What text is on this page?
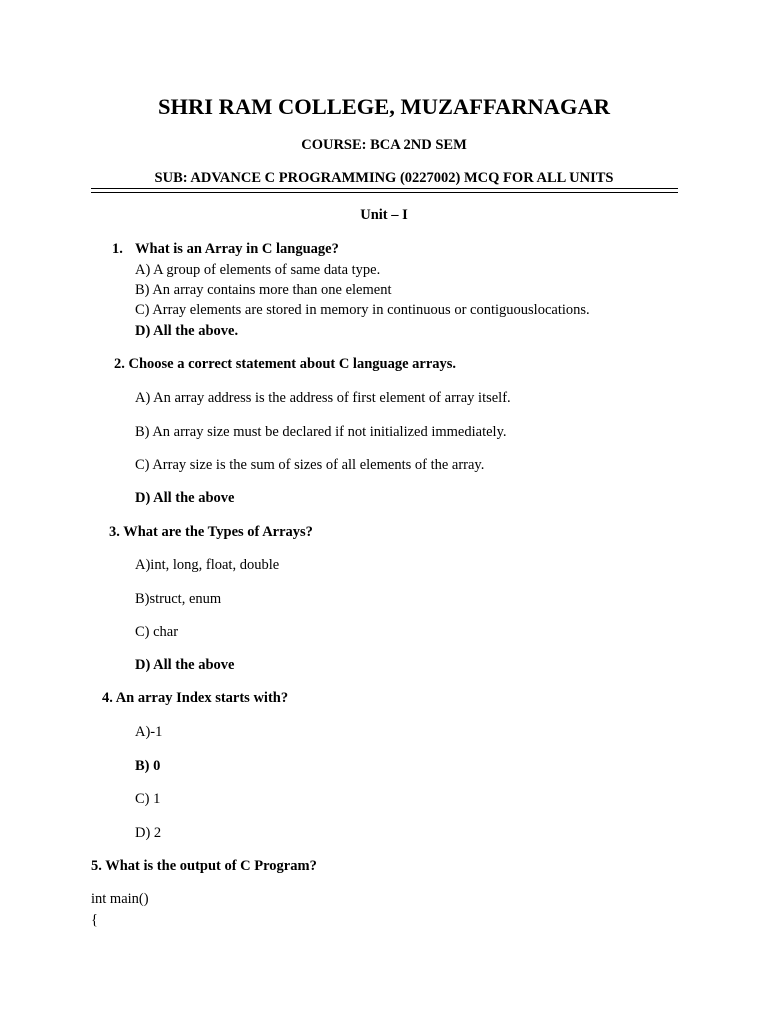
SHRI RAM COLLEGE, MUZAFFARNAGAR
COURSE: BCA 2ND SEM
SUB: ADVANCE C PROGRAMMING (0227002) MCQ FOR ALL UNITS
Unit – I
1. What is an Array in C language?
A) A group of elements of same data type.
B) An array contains more than one element
C) Array elements are stored in memory in continuous or contiguouslocations.
D) All the above.
2. Choose a correct statement about C language arrays.
A) An array address is the address of first element of array itself.
B) An array size must be declared if not initialized immediately.
C) Array size is the sum of sizes of all elements of the array.
D) All the above
3. What are the Types of Arrays?
A)int, long, float, double
B)struct, enum
C) char
D) All the above
4. An array Index starts with?
A)-1
B) 0
C) 1
D) 2
5. What is the output of C Program?
int main()
{
